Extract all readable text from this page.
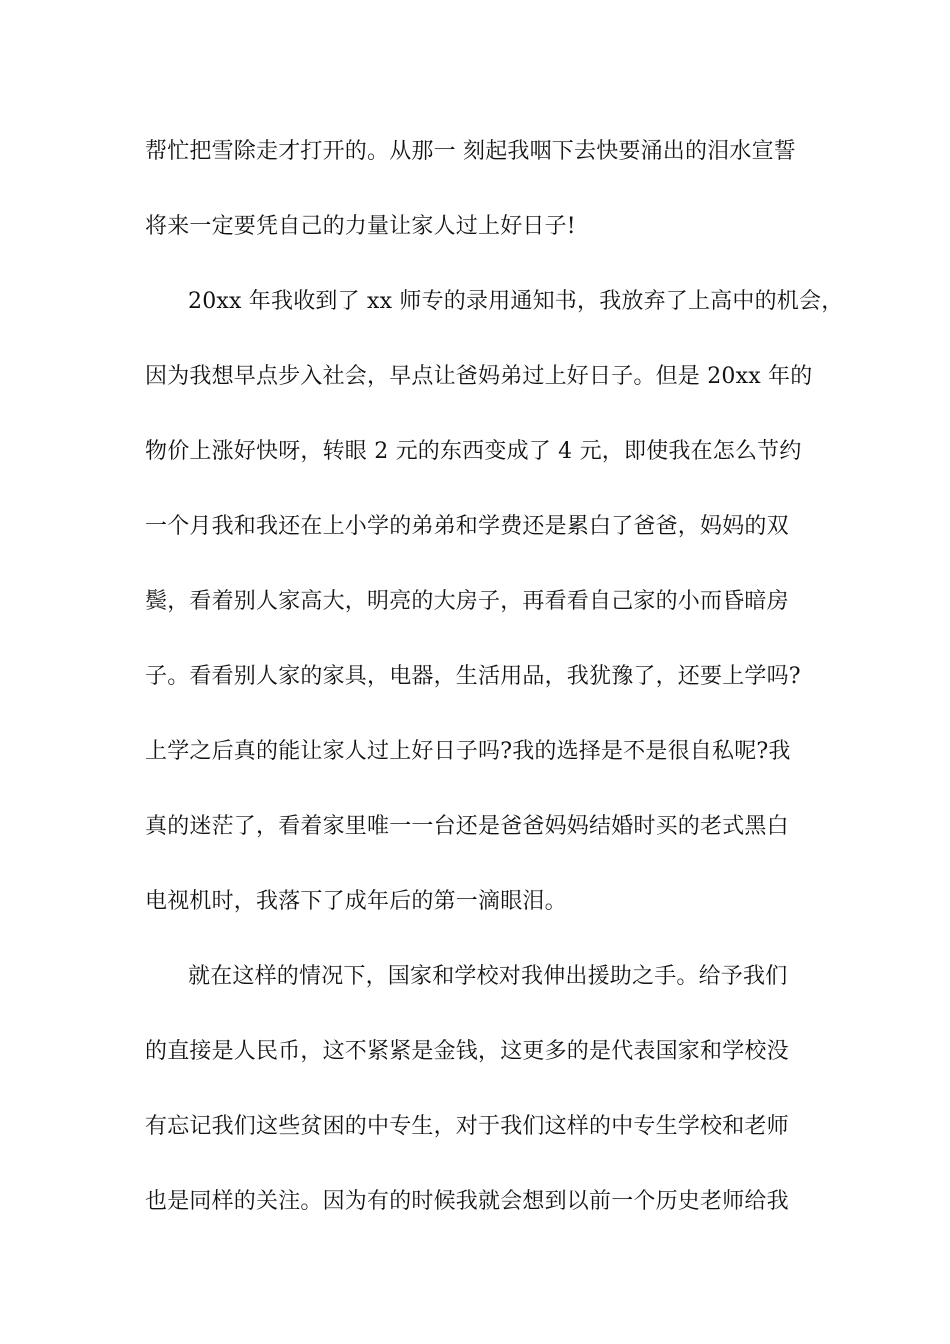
帮忙把雪除走才打开的。从那一 刻起我咽下去快要涌出的泪水宣誓
将来一定要凭自己的力量让家人过上好日子!
20xx 年我收到了 xx 师专的录用通知书，我放弃了上高中的机会，
因为我想早点步入社会，早点让爸妈弟过上好日子。但是 20xx 年的
物价上涨好快呀，转眼 2 元的东西变成了 4 元，即使我在怎么节约
一个月我和我还在上小学的弟弟和学费还是累白了爸爸，妈妈的双
鬓，看着别人家高大，明亮的大房子，再看看自己家的小而昏暗房
子。看看别人家的家具，电器，生活用品，我犹豫了，还要上学吗?
上学之后真的能让家人过上好日子吗?我的选择是不是很自私呢?我
真的迷茫了，看着家里唯一一台还是爸爸妈妈结婚时买的老式黑白
电视机时，我落下了成年后的第一滴眼泪。
就在这样的情况下，国家和学校对我伸出援助之手。给予我们
的直接是人民币，这不紧紧是金钱，这更多的是代表国家和学校没
有忘记我们这些贫困的中专生，对于我们这样的中专生学校和老师
也是同样的关注。因为有的时候我就会想到以前一个历史老师给我
